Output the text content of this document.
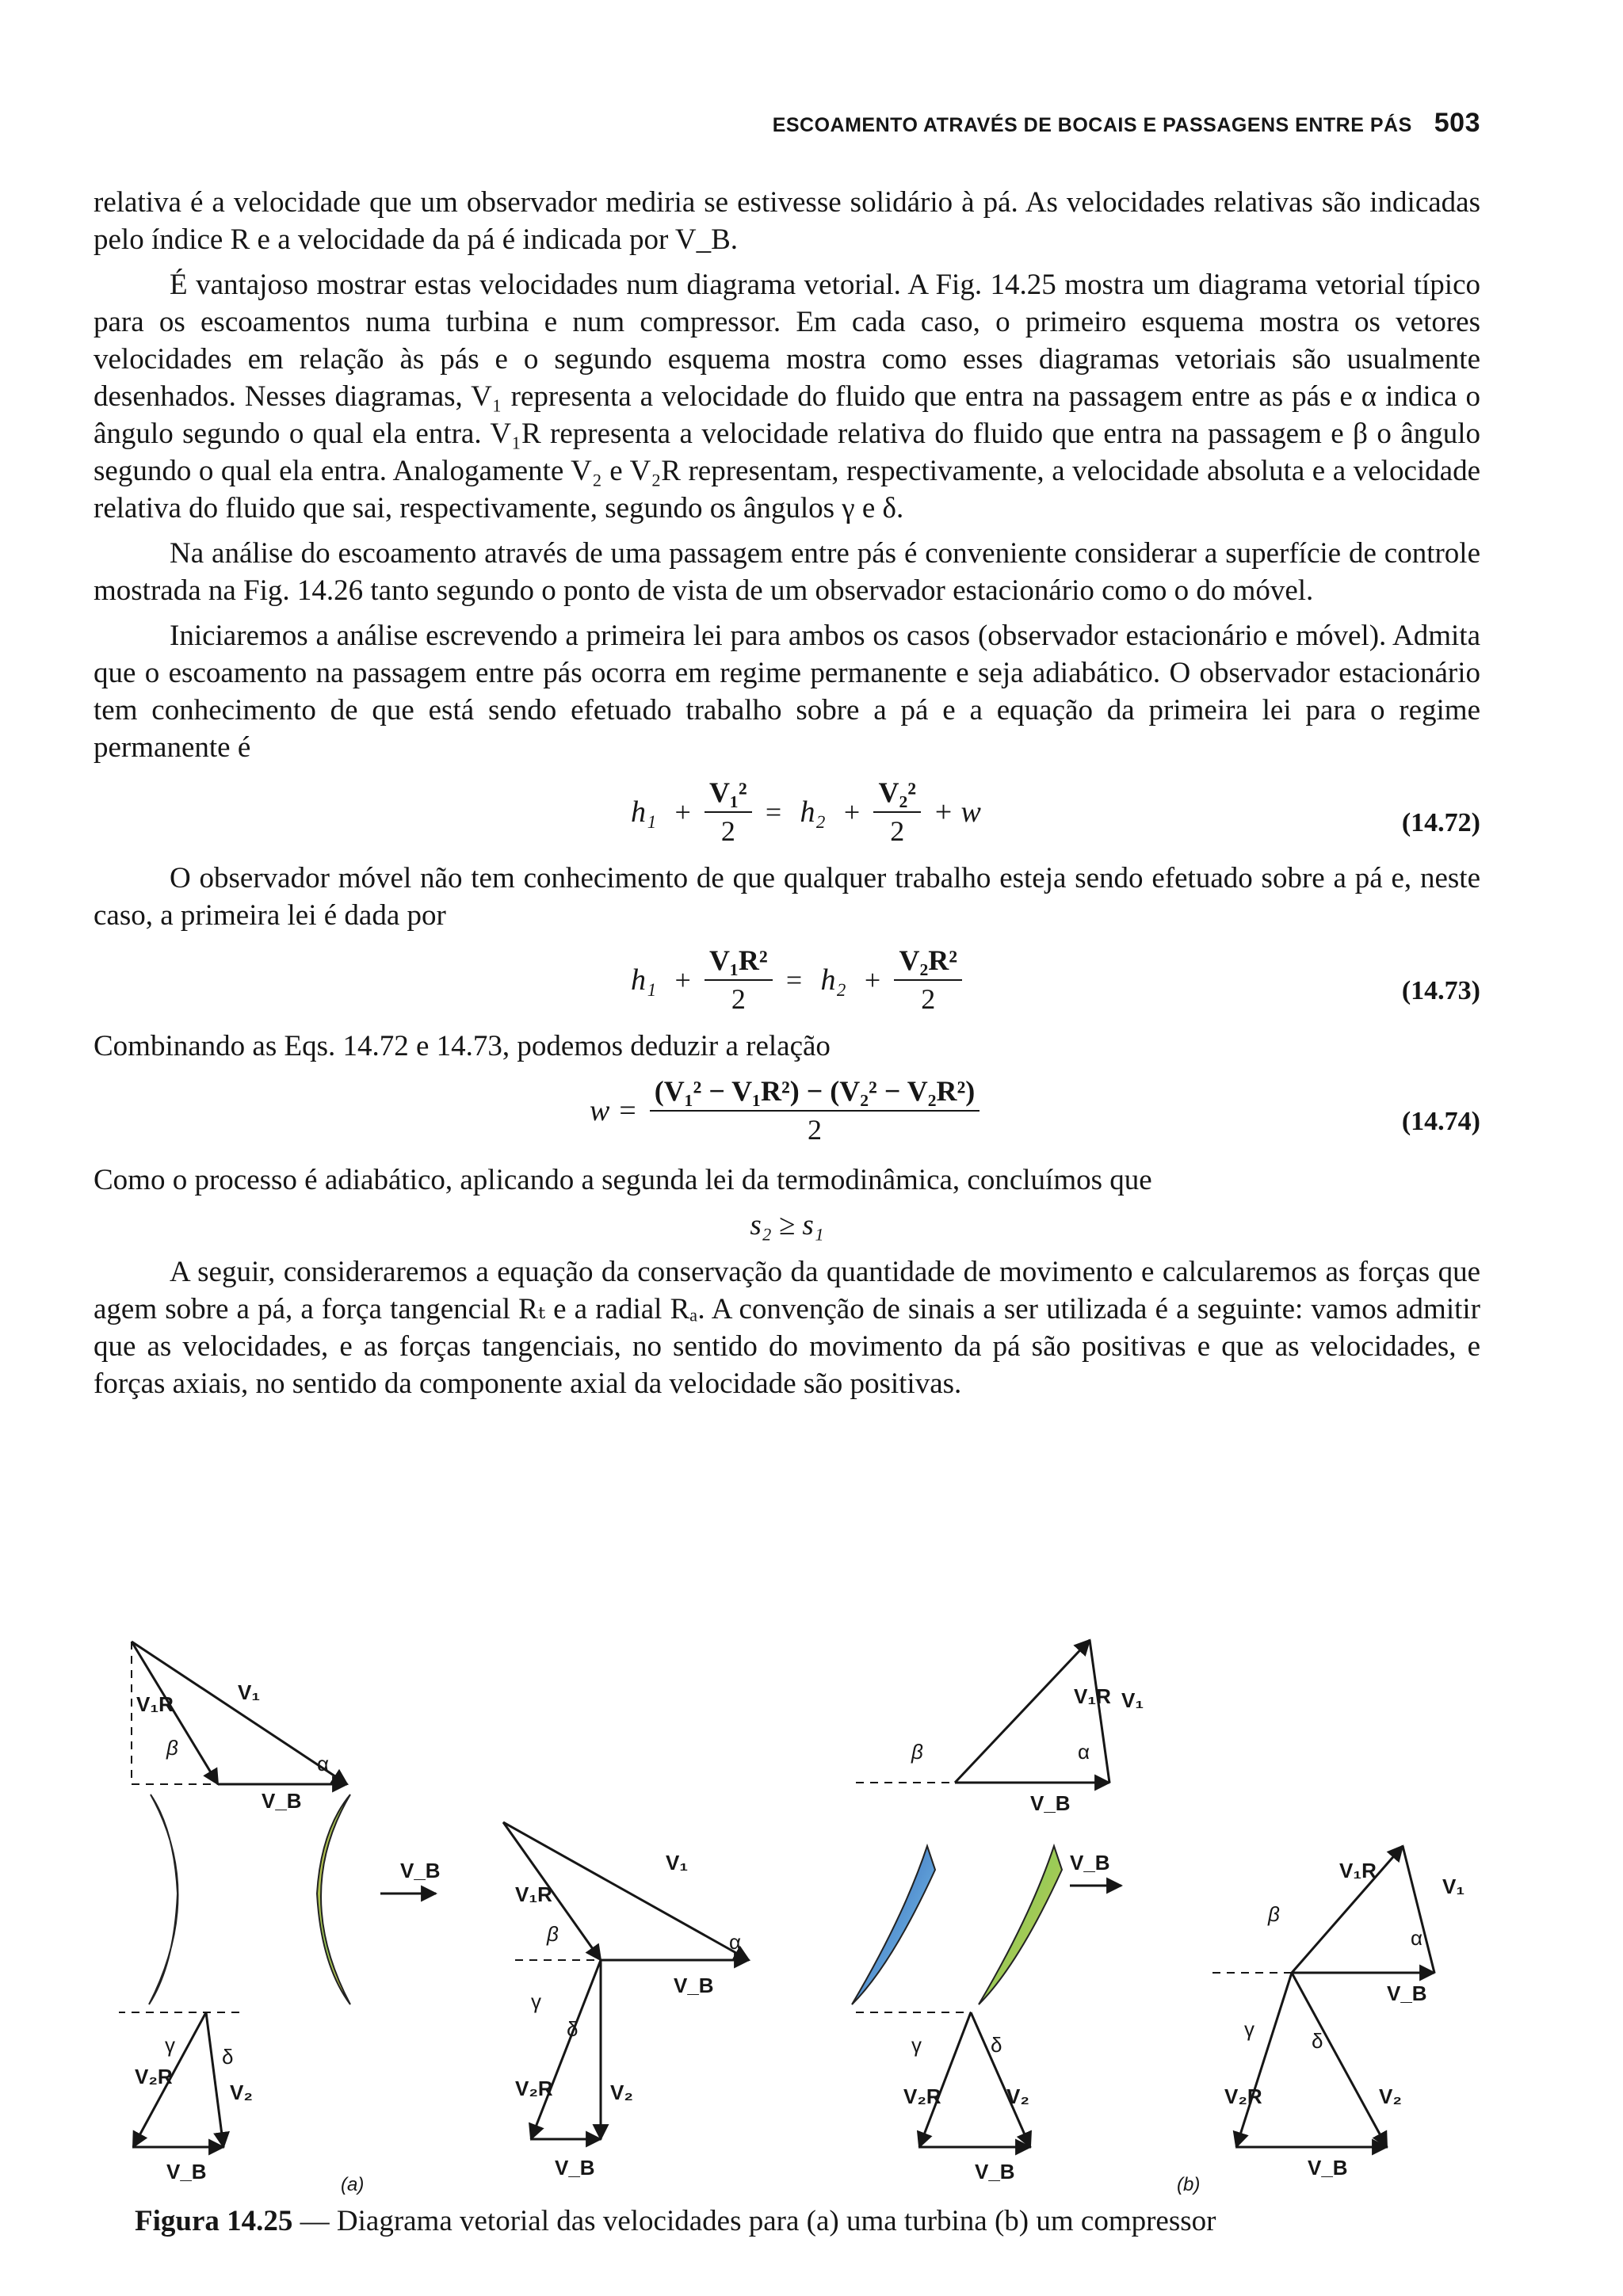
ESCOAMENTO ATRAVÉS DE BOCAIS E PASSAGENS ENTRE PÁS 503

relativa é a velocidade que um observador mediria se estivesse solidário à pá. As velocidades relativas são indicadas pelo índice R e a velocidade da pá é indicada por V_B.

É vantajoso mostrar estas velocidades num diagrama vetorial. A Fig. 14.25 mostra um diagrama vetorial típico para os escoamentos numa turbina e num compressor. Em cada caso, o primeiro esquema mostra os vetores velocidades em relação às pás e o segundo esquema mostra como esses diagramas vetoriais são usualmente desenhados. Nesses diagramas, V₁ representa a velocidade do fluido que entra na passagem entre as pás e α indica o ângulo segundo o qual ela entra. V₁R representa a velocidade relativa do fluido que entra na passagem e β o ângulo segundo o qual ela entra. Analogamente V₂ e V₂R representam, respectivamente, a velocidade absoluta e a velocidade relativa do fluido que sai, respectivamente, segundo os ângulos γ e δ.

Na análise do escoamento através de uma passagem entre pás é conveniente considerar a superfície de controle mostrada na Fig. 14.26 tanto segundo o ponto de vista de um observador estacionário como o do móvel.

Iniciaremos a análise escrevendo a primeira lei para ambos os casos (observador estacionário e móvel). Admita que o escoamento na passagem entre pás ocorra em regime permanente e seja adiabático. O observador estacionário tem conhecimento de que está sendo efetuado trabalho sobre a pá e a equação da primeira lei para o regime permanente é

$h_1 + \frac{\text{V₁²}}{2} = h_2 + \frac{\text{V₂²}}{2} + w$	(14.72)

O observador móvel não tem conhecimento de que qualquer trabalho esteja sendo efetuado sobre a pá e, neste caso, a primeira lei é dada por

$h_1 + \frac{\text{V₁R²}}{2} = h_2 + \frac{\text{V₂R²}}{2}$	(14.73)

Combinando as Eqs. 14.72 e 14.73, podemos deduzir a relação

$w = \frac{\text{(V₁² − V₁R²) − (V₂² − V₂R²)}}{2}$	(14.74)

Como o processo é adiabático, aplicando a segunda lei da termodinâmica, concluímos que

s₂ ≥ s₁

A seguir, consideraremos a equação da conservação da quantidade de movimento e calcularemos as forças que agem sobre a pá, a força tangencial Rₜ e a radial Rₐ. A convenção de sinais a ser utilizada é a seguinte: vamos admitir que as velocidades, e as forças tangenciais, no sentido do movimento da pá são positivas e que as velocidades, e forças axiais, no sentido da componente axial da velocidade são positivas.

V₁
V₁R
V_B
α
β
V_B
V₂R
V₂
γ δ
V_B
V₁
V₁R
V_B
α
β
γ
δ
V₂R	V₂
V_B
V₁R V₁
β	α
V_B
V_B
γ	δ
V₂R	V₂
V_B
V₁R
V₁
β
α
V_B
γ	δ
V₂R	V₂
V_B
(a)	(b)
Figura 14.25 — Diagrama vetorial das velocidades para (a) uma turbina (b) um compressor
